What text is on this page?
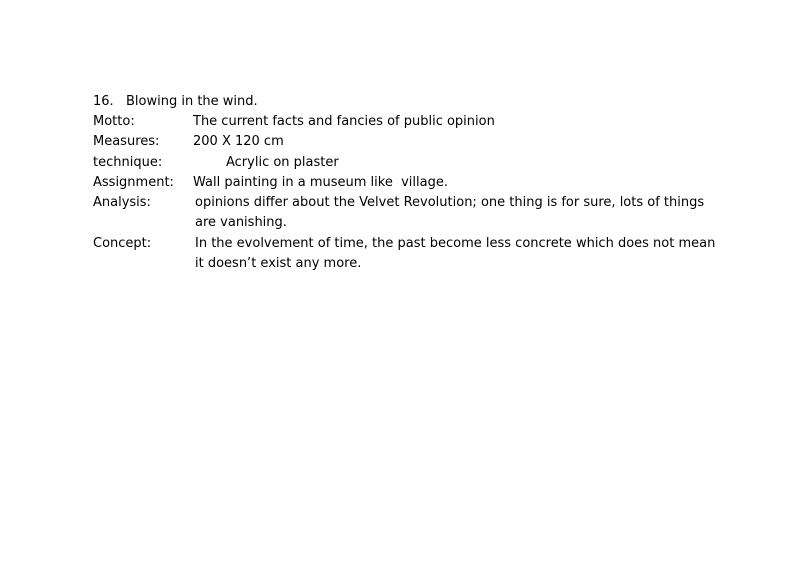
16. Blowing in the wind.
Motto:	The current facts and fancies of public opinion
Measures:	200 X 120 cm
technique:	Acrylic on plaster
Assignment: Wall painting in a museum like  village.
Analysis:	opinions differ about the Velvet Revolution; one thing is for sure, lots of things
are vanishing.
Concept:	In the evolvement of time, the past become less concrete which does not mean
it doesn’t exist any more.
